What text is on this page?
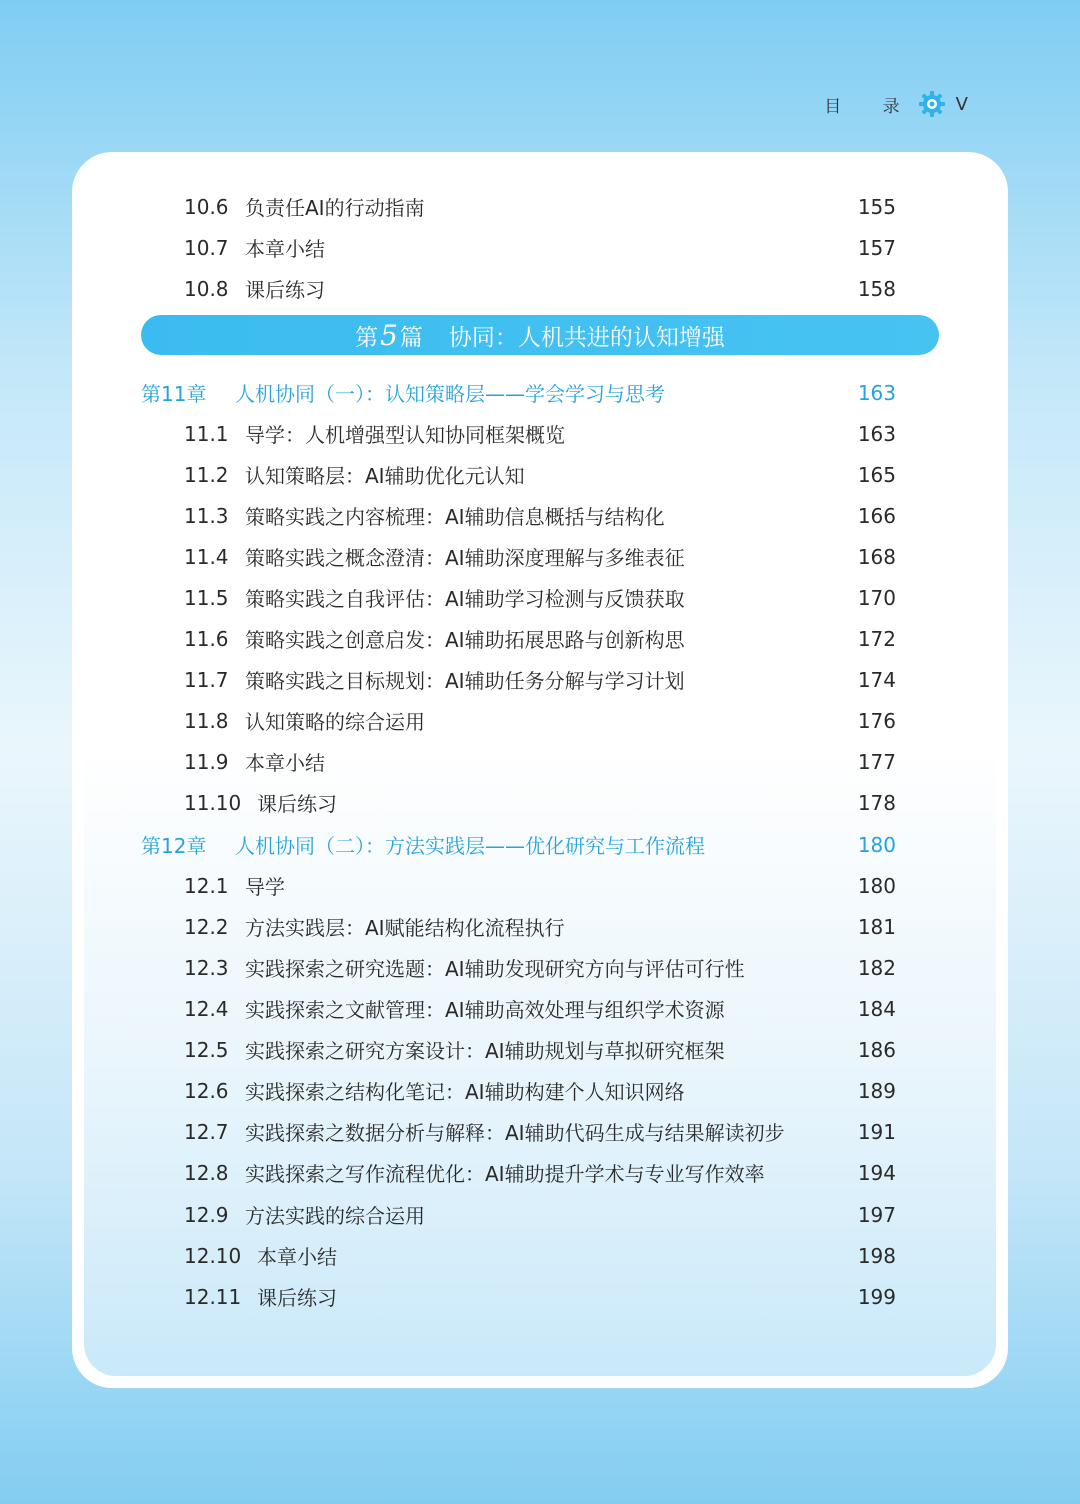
目 录 V
10.6 负责任AI的行动指南	155
10.7 本章小结	157
10.8 课后练习	158
第5篇 协同：人机共进的认知增强
第11章 人机协同（一）：认知策略层——学会学习与思考	163
11.1 导学：人机增强型认知协同框架概览	163
11.2 认知策略层：AI辅助优化元认知	165
11.3 策略实践之内容梳理：AI辅助信息概括与结构化	166
11.4 策略实践之概念澄清：AI辅助深度理解与多维表征	168
11.5 策略实践之自我评估：AI辅助学习检测与反馈获取	170
11.6 策略实践之创意启发：AI辅助拓展思路与创新构思	172
11.7 策略实践之目标规划：AI辅助任务分解与学习计划	174
11.8 认知策略的综合运用	176
11.9 本章小结	177
11.10 课后练习	178
第12章 人机协同（二）：方法实践层——优化研究与工作流程	180
12.1 导学	180
12.2 方法实践层：AI赋能结构化流程执行	181
12.3 实践探索之研究选题：AI辅助发现研究方向与评估可行性	182
12.4 实践探索之文献管理：AI辅助高效处理与组织学术资源	184
12.5 实践探索之研究方案设计：AI辅助规划与草拟研究框架	186
12.6 实践探索之结构化笔记：AI辅助构建个人知识网络	189
12.7 实践探索之数据分析与解释：AI辅助代码生成与结果解读初步	191
12.8 实践探索之写作流程优化：AI辅助提升学术与专业写作效率	194
12.9 方法实践的综合运用	197
12.10 本章小结	198
12.11 课后练习	199
